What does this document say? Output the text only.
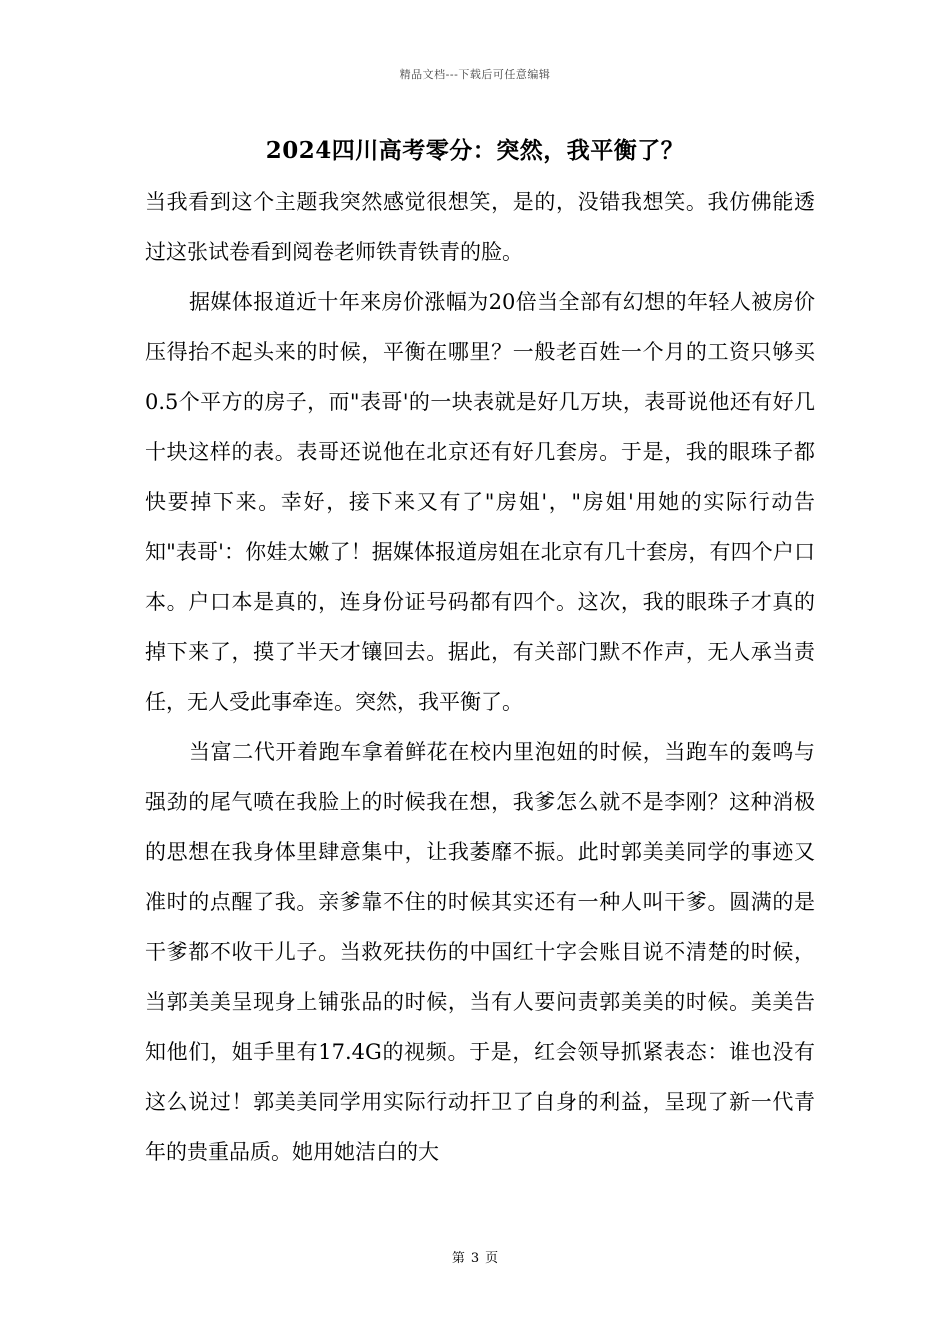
精品文档---下载后可任意编辑
2024四川高考零分：突然，我平衡了？

当我看到这个主题我突然感觉很想笑，是的，没错我想笑。我仿佛能透过这张试卷看到阅卷老师铁青铁青的脸。

据媒体报道近十年来房价涨幅为20倍当全部有幻想的年轻人被房价压得抬不起头来的时候，平衡在哪里？一般老百姓一个月的工资只够买0.5个平方的房子，而"表哥'的一块表就是好几万块，表哥说他还有好几十块这样的表。表哥还说他在北京还有好几套房。于是，我的眼珠子都快要掉下来。幸好，接下来又有了"房姐'，"房姐'用她的实际行动告知"表哥'：你娃太嫩了！据媒体报道房姐在北京有几十套房，有四个户口本。户口本是真的，连身份证号码都有四个。这次，我的眼珠子才真的掉下来了，摸了半天才镶回去。据此，有关部门默不作声，无人承当责任，无人受此事牵连。突然，我平衡了。

当富二代开着跑车拿着鲜花在校内里泡妞的时候，当跑车的轰鸣与强劲的尾气喷在我脸上的时候我在想，我爹怎么就不是李刚？这种消极的思想在我身体里肆意集中，让我萎靡不振。此时郭美美同学的事迹又准时的点醒了我。亲爹靠不住的时候其实还有一种人叫干爹。圆满的是干爹都不收干儿子。当救死扶伤的中国红十字会账目说不清楚的时候，当郭美美呈现身上铺张品的时候，当有人要问责郭美美的时候。美美告知他们，姐手里有17.4G的视频。于是，红会领导抓紧表态：谁也没有这么说过！郭美美同学用实际行动扞卫了自身的利益，呈现了新一代青年的贵重品质。她用她洁白的大

第 3 页
